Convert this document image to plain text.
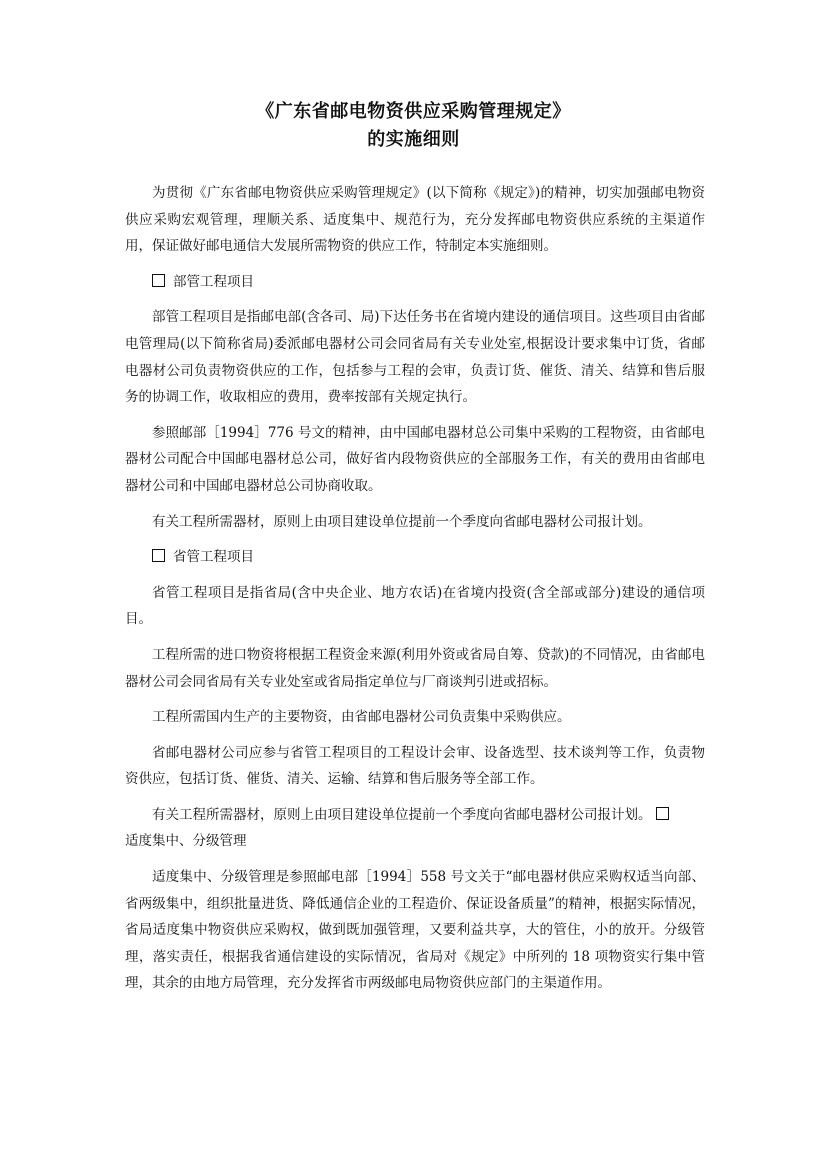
《广东省邮电物资供应采购管理规定》
的实施细则

为贯彻《广东省邮电物资供应采购管理规定》(以下简称《规定》)的精神，切实加强邮电物资供应采购宏观管理，理顺关系、适度集中、规范行为，充分发挥邮电物资供应系统的主渠道作用，保证做好邮电通信大发展所需物资的供应工作，特制定本实施细则。

部管工程项目

部管工程项目是指邮电部(含各司、局)下达任务书在省境内建设的通信项目。这些项目由省邮电管理局(以下简称省局)委派邮电器材公司会同省局有关专业处室,根据设计要求集中订货，省邮电器材公司负责物资供应的工作，包括参与工程的会审，负责订货、催货、清关、结算和售后服务的协调工作，收取相应的费用，费率按部有关规定执行。

参照邮部［1994］776 号文的精神，由中国邮电器材总公司集中采购的工程物资，由省邮电器材公司配合中国邮电器材总公司，做好省内段物资供应的全部服务工作，有关的费用由省邮电器材公司和中国邮电器材总公司协商收取。

有关工程所需器材，原则上由项目建设单位提前一个季度向省邮电器材公司报计划。

省管工程项目

省管工程项目是指省局(含中央企业、地方农话)在省境内投资(含全部或部分)建设的通信项目。

工程所需的进口物资将根据工程资金来源(利用外资或省局自筹、贷款)的不同情况，由省邮电器材公司会同省局有关专业处室或省局指定单位与厂商谈判引进或招标。

工程所需国内生产的主要物资，由省邮电器材公司负责集中采购供应。

省邮电器材公司应参与省管工程项目的工程设计会审、设备选型、技术谈判等工作，负责物资供应，包括订货、催货、清关、运输、结算和售后服务等全部工作。

有关工程所需器材，原则上由项目建设单位提前一个季度向省邮电器材公司报计划。

适度集中、分级管理

适度集中、分级管理是参照邮电部［1994］558 号文关于“邮电器材供应采购权适当向部、省两级集中，组织批量进货、降低通信企业的工程造价、保证设备质量”的精神，根据实际情况，省局适度集中物资供应采购权，做到既加强管理，又要利益共享，大的管住，小的放开。分级管理，落实责任，根据我省通信建设的实际情况，省局对《规定》中所列的 18 项物资实行集中管理，其余的由地方局管理，充分发挥省市两级邮电局物资供应部门的主渠道作用。
